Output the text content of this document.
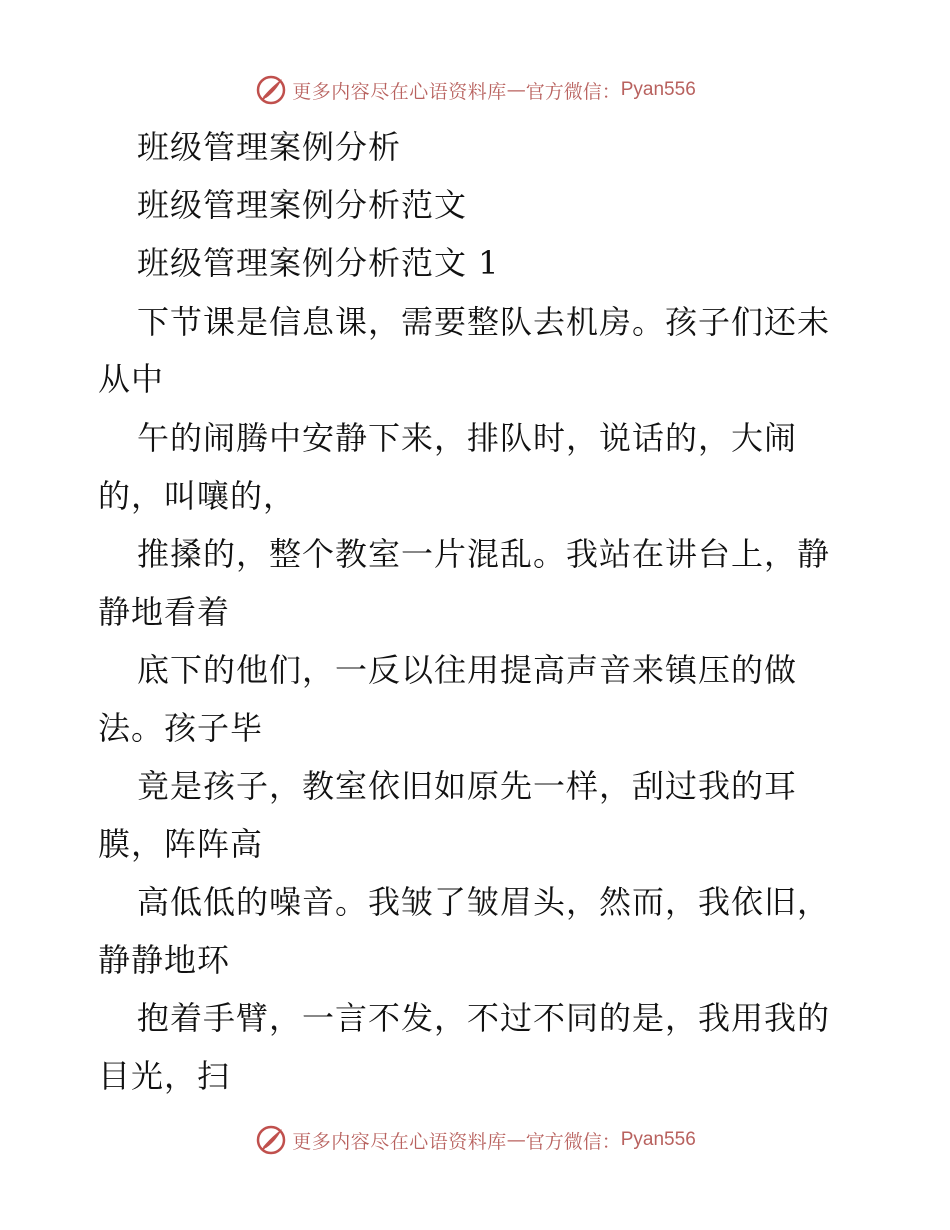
更多内容尽在心语资料库 — 官方微信： Pyan556
班级管理案例分析
班级管理案例分析范文
班级管理案例分析范文 1
下节课是信息课，需要整队去机房。孩子们还未
从中
午的闹腾中安静下来，排队时，说话的，大闹
的，叫嚷的，
推搡的，整个教室一片混乱。我站在讲台上，静
静地看着
底下的他们，一反以往用提高声音来镇压的做
法。孩子毕
竟是孩子，教室依旧如原先一样，刮过我的耳
膜，阵阵高
高低低的噪音。我皱了皱眉头，然而，我依旧，
静静地环
抱着手臂，一言不发，不过不同的是，我用我的
目光，扫
更多内容尽在心语资料库 — 官方微信： Pyan556
